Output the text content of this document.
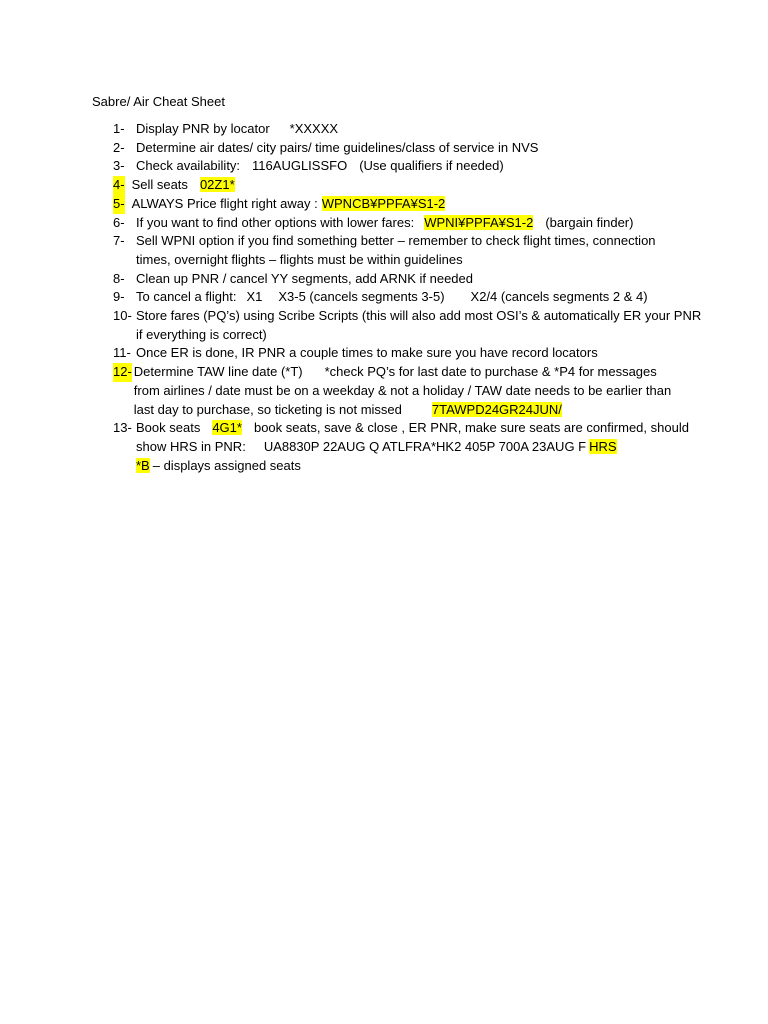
Sabre/ Air Cheat Sheet
1- Display PNR by locator *XXXXX
2- Determine air dates/ city pairs/ time guidelines/class of service in NVS
3- Check availability: 116AUGLISSFO (Use qualifiers if needed)
4- Sell seats 02Z1*
5- ALWAYS Price flight right away : WPNCB¥PPFA¥S1-2
6- If you want to find other options with lower fares: WPNI¥PPFA¥S1-2 (bargain finder)
7- Sell WPNI option if you find something better – remember to check flight times, connection
times, overnight flights – flights must be within guidelines
8- Clean up PNR / cancel YY segments, add ARNK if needed
9- To cancel a flight: X1 X3-5 (cancels segments 3-5) X2/4 (cancels segments 2 & 4)
10- Store fares (PQ’s) using Scribe Scripts (this will also add most OSI’s & automatically ER your PNR
if everything is correct)
11- Once ER is done, IR PNR a couple times to make sure you have record locators
12- Determine TAW line date (*T) *check PQ’s for last date to purchase & *P4 for messages
from airlines / date must be on a weekday & not a holiday / TAW date needs to be earlier than
last day to purchase, so ticketing is not missed 7TAWPD24GR24JUN/
13- Book seats 4G1* book seats, save & close , ER PNR, make sure seats are confirmed, should
show HRS in PNR: UA8830P 22AUG Q ATLFRA*HK2 405P 700A 23AUG F HRS
*B – displays assigned seats
